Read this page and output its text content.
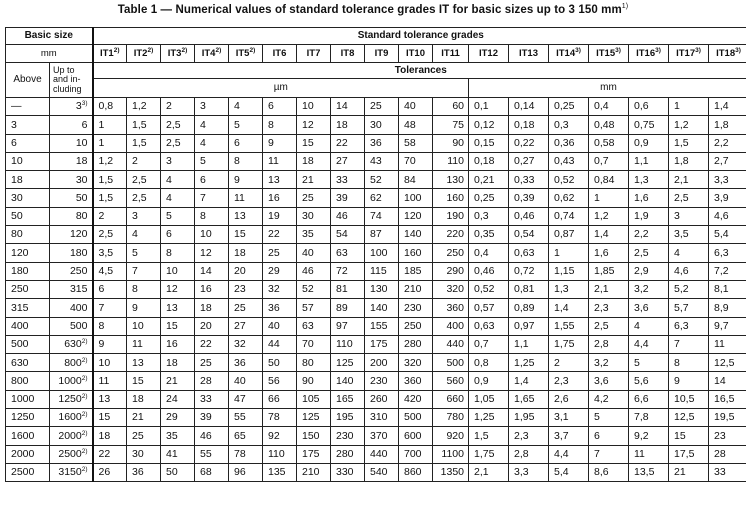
Table 1 — Numerical values of standard tolerance grades IT for basic sizes up to 3 150 $mm^{1)}$
Basic size		Standard tolerance grades																	
mm		IT1$^{2)}$	IT2$^{2)}$	IT3$^{2)}$	IT4$^{2)}$	IT5$^{2)}$	IT6	IT7	IT8	IT9	IT10	IT11	IT12	IT13	IT14$^{3)}$	IT15$^{3)}$	IT16$^{3)}$	IT17$^{3)}$	IT18$^{3)}$
Above	Up to
and in-
cluding	Tolerances																	
		µm											mm						
—	3$^{3)}$	0,8	1,2	2	3	4	6	10	14	25	40	60	0,1	0,14	0,25	0,4	0,6	1	1,4
3	6	1	1,5	2,5	4	5	8	12	18	30	48	75	0,12	0,18	0,3	0,48	0,75	1,2	1,8
6	10	1	1,5	2,5	4	6	9	15	22	36	58	90	0,15	0,22	0,36	0,58	0,9	1,5	2,2
10	18	1,2	2	3	5	8	11	18	27	43	70	110	0,18	0,27	0,43	0,7	1,1	1,8	2,7
18	30	1,5	2,5	4	6	9	13	21	33	52	84	130	0,21	0,33	0,52	0,84	1,3	2,1	3,3
30	50	1,5	2,5	4	7	11	16	25	39	62	100	160	0,25	0,39	0,62	1	1,6	2,5	3,9
50	80	2	3	5	8	13	19	30	46	74	120	190	0,3	0,46	0,74	1,2	1,9	3	4,6
80	120	2,5	4	6	10	15	22	35	54	87	140	220	0,35	0,54	0,87	1,4	2,2	3,5	5,4
120	180	3,5	5	8	12	18	25	40	63	100	160	250	0,4	0,63	1	1,6	2,5	4	6,3
180	250	4,5	7	10	14	20	29	46	72	115	185	290	0,46	0,72	1,15	1,85	2,9	4,6	7,2
250	315	6	8	12	16	23	32	52	81	130	210	320	0,52	0,81	1,3	2,1	3,2	5,2	8,1
315	400	7	9	13	18	25	36	57	89	140	230	360	0,57	0,89	1,4	2,3	3,6	5,7	8,9
400	500	8	10	15	20	27	40	63	97	155	250	400	0,63	0,97	1,55	2,5	4	6,3	9,7
500	630$^{2)}$	9	11	16	22	32	44	70	110	175	280	440	0,7	1,1	1,75	2,8	4,4	7	11
630	800$^{2)}$	10	13	18	25	36	50	80	125	200	320	500	0,8	1,25	2	3,2	5	8	12,5
800	1000$^{2)}$	11	15	21	28	40	56	90	140	230	360	560	0,9	1,4	2,3	3,6	5,6	9	14
1000	1250$^{2)}$	13	18	24	33	47	66	105	165	260	420	660	1,05	1,65	2,6	4,2	6,6	10,5	16,5
1250	1600$^{2)}$	15	21	29	39	55	78	125	195	310	500	780	1,25	1,95	3,1	5	7,8	12,5	19,5
1600	2000$^{2)}$	18	25	35	46	65	92	150	230	370	600	920	1,5	2,3	3,7	6	9,2	15	23
2000	2500$^{2)}$	22	30	41	55	78	110	175	280	440	700	1100	1,75	2,8	4,4	7	11	17,5	28
2500	3150$^{2)}$	26	36	50	68	96	135	210	330	540	860	1350	2,1	3,3	5,4	8,6	13,5	21	33
